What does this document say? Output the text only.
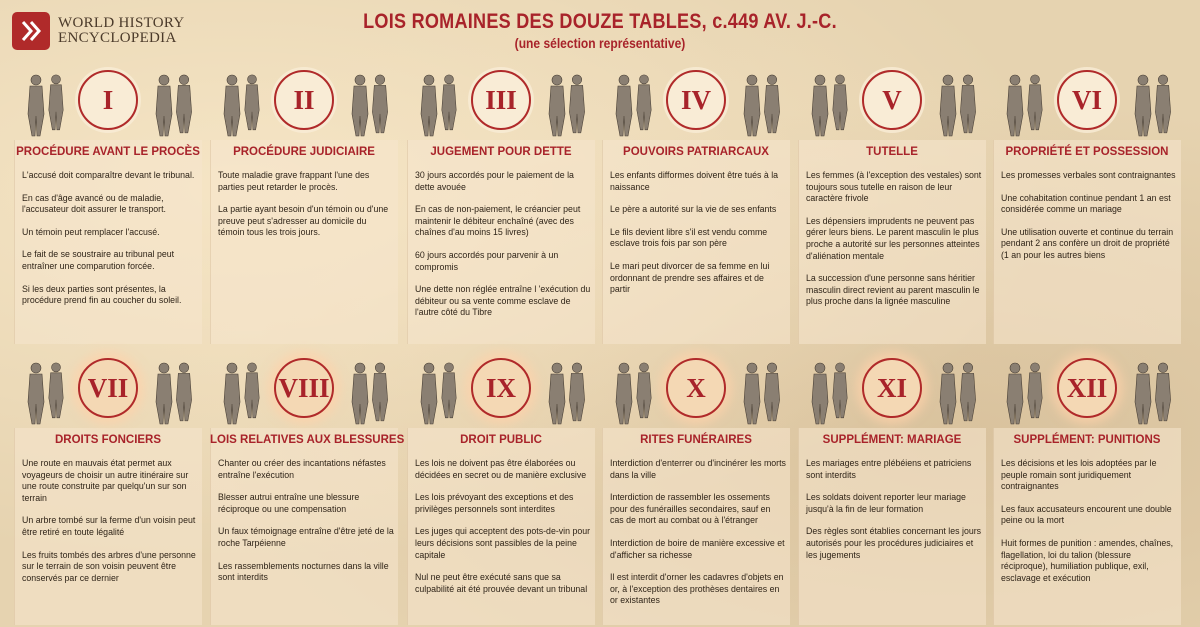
WORLD HISTORY
ENCYCLOPEDIA
LOIS ROMAINES DES DOUZE TABLES, c.449 AV. J.-C.
(une sélection représentative)
I
PROCÉDURE AVANT LE PROCÈS

L'accusé doit comparaître devant le tribunal.

En cas d'âge avancé ou de maladie, l'accusateur doit assurer le transport.

Un témoin peut remplacer l'accusé.

Le fait de se soustraire au tribunal peut entraîner une comparution forcée.

Si les deux parties sont présentes, la procédure prend fin au coucher du soleil.

II
PROCÉDURE JUDICIAIRE

Toute maladie grave frappant l'une des parties peut retarder le procès.

La partie ayant besoin d'un témoin ou d'une preuve peut s'adresser au domicile du témoin tous les trois jours.

III
JUGEMENT POUR DETTE

30 jours accordés pour le paiement de la dette avouée

En cas de non-paiement, le créancier peut maintenir le débiteur enchaîné (avec des chaînes d'au moins 15 livres)

60 jours accordés pour parvenir à un compromis

Une dette non réglée entraîne l 'exécution du débiteur ou sa vente comme esclave de l'autre côté du Tibre

IV
POUVOIRS PATRIARCAUX

Les enfants difformes doivent être tués à la naissance

Le père a autorité sur la vie de ses enfants

Le fils devient libre s'il est vendu comme esclave trois fois par son père

Le mari peut divorcer de sa femme en lui ordonnant de prendre ses affaires et de partir

V
TUTELLE

Les femmes (à l'exception des vestales) sont toujours sous tutelle en raison de leur caractère frivole

Les dépensiers imprudents ne peuvent pas gérer leurs biens. Le parent masculin le plus proche a autorité sur les personnes atteintes d'aliénation mentale

La succession d'une personne sans héritier masculin direct revient au parent masculin le plus proche dans la lignée masculine

VI
PROPRIÉTÉ ET POSSESSION

Les promesses verbales sont contraignantes

Une cohabitation continue pendant 1 an est considérée comme un mariage

Une utilisation ouverte et continue du terrain pendant 2 ans confère un droit de propriété (1 an pour les autres biens

VII
DROITS FONCIERS

Une route en mauvais état permet aux voyageurs de choisir un autre itinéraire sur une route construite par quelqu'un sur son terrain

Un arbre tombé sur la ferme d'un voisin peut être retiré en toute légalité

Les fruits tombés des arbres d'une personne sur le terrain de son voisin peuvent être conservés par ce dernier

VIII
LOIS RELATIVES AUX BLESSURES

Chanter ou créer des incantations néfastes entraîne l'exécution

Blesser autrui entraîne une blessure réciproque ou une compensation

Un faux témoignage entraîne d'être jeté de la roche Tarpéienne

Les rassemblements nocturnes dans la ville sont interdits

IX
DROIT PUBLIC

Les lois ne doivent pas être élaborées ou décidées en secret ou de manière exclusive

Les lois prévoyant des exceptions et des privilèges personnels sont interdites

Les juges qui acceptent des pots-de-vin pour leurs décisions sont passibles de la peine capitale

Nul ne peut être exécuté sans que sa culpabilité ait été prouvée devant un tribunal

X
RITES FUNÉRAIRES

Interdiction d'enterrer ou d'incinérer les morts dans la ville

Interdiction de rassembler les ossements pour des funérailles secondaires, sauf en cas de mort au combat ou à l'étranger

Interdiction de boire de manière excessive et d'afficher sa richesse

Il est interdit d'orner les cadavres d'objets en or, à l'exception des prothèses dentaires en or existantes

XI
SUPPLÉMENT: MARIAGE

Les mariages entre plébéiens et patriciens sont interdits

Les soldats doivent reporter leur mariage jusqu'à la fin de leur formation

Des règles sont établies concernant les jours autorisés pour les procédures judiciaires et les jugements

XII
SUPPLÉMENT: PUNITIONS

Les décisions et les lois adoptées par le peuple romain sont juridiquement contraignantes

Les faux accusateurs encourent une double peine ou la mort

Huit formes de punition : amendes, chaînes, flagellation, loi du talion (blessure réciproque), humiliation publique, exil, esclavage et exécution
